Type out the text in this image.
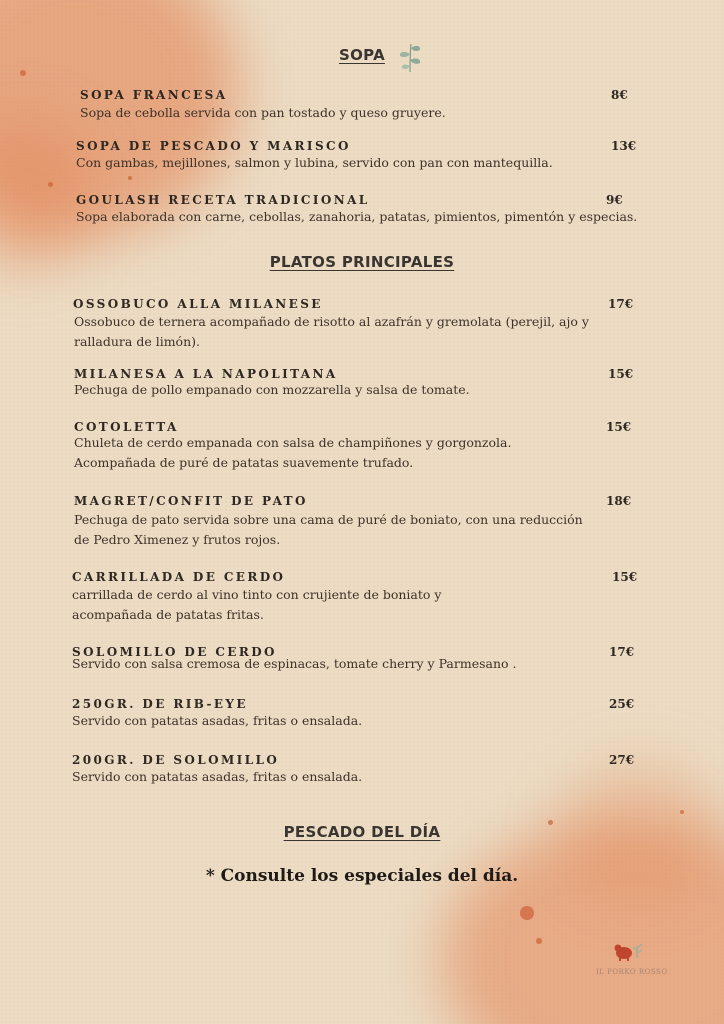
SOPA
SOPA FRANCESA	8€
Sopa de cebolla servida con pan tostado y queso gruyere.
SOPA DE PESCADO Y MARISCO	13€
Con gambas, mejillones, salmon y lubina, servido con pan con mantequilla.
GOULASH RECETA TRADICIONAL	9€
Sopa elaborada con carne, cebollas, zanahoria, patatas, pimientos, pimentón y especias.
PLATOS PRINCIPALES
OSSOBUCO ALLA MILANESE	17€
Ossobuco de ternera acompañado de risotto al azafrán y gremolata (perejil, ajo y ralladura de limón).
MILANESA A LA NAPOLITANA	15€
Pechuga de pollo empanado con mozzarella y salsa de tomate.
COTOLETTA	15€
Chuleta de cerdo empanada con salsa de champiñones y gorgonzola. Acompañada de puré de patatas suavemente trufado.
MAGRET/CONFIT DE PATO	18€
Pechuga de pato servida sobre una cama de puré de boniato, con una reducción de Pedro Ximenez y frutos rojos.
CARRILLADA DE CERDO	15€
carrillada de cerdo al vino tinto con crujiente de boniato y acompañada de patatas fritas.
SOLOMILLO DE CERDO	17€
Servido con salsa cremosa de espinacas, tomate cherry y Parmesano .
250GR. DE RIB-EYE	25€
Servido con patatas asadas, fritas o ensalada.
200GR. DE SOLOMILLO	27€
Servido con patatas asadas, fritas o ensalada.
PESCADO DEL DÍA
* Consulte los especiales del día.
IL PORKO ROSSO
